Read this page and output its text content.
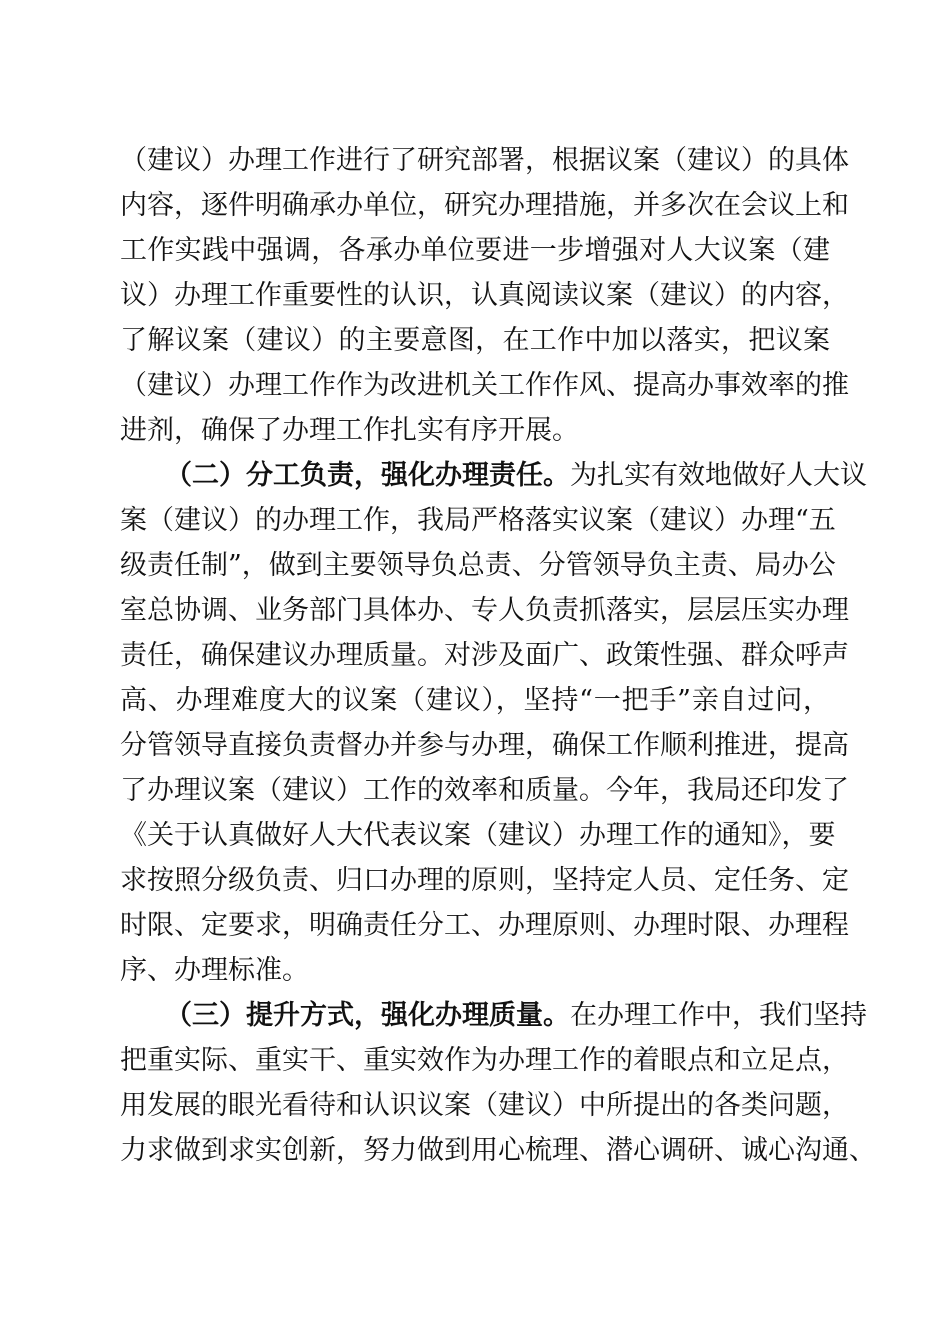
（建议）办理工作进行了研究部署，根据议案（建议）的具体
内容，逐件明确承办单位，研究办理措施，并多次在会议上和
工作实践中强调，各承办单位要进一步增强对人大议案（建
议）办理工作重要性的认识，认真阅读议案（建议）的内容，
了解议案（建议）的主要意图，在工作中加以落实，把议案
（建议）办理工作作为改进机关工作作风、提高办事效率的推
进剂，确保了办理工作扎实有序开展。
（二）分工负责，强化办理责任。为扎实有效地做好人大议
案（建议）的办理工作，我局严格落实议案（建议）办理“五
级责任制”，做到主要领导负总责、分管领导负主责、局办公
室总协调、业务部门具体办、专人负责抓落实，层层压实办理
责任，确保建议办理质量。对涉及面广、政策性强、群众呼声
高、办理难度大的议案（建议），坚持“一把手”亲自过问，
分管领导直接负责督办并参与办理，确保工作顺利推进，提高
了办理议案（建议）工作的效率和质量。今年，我局还印发了
《关于认真做好人大代表议案（建议）办理工作的通知》，要
求按照分级负责、归口办理的原则，坚持定人员、定任务、定
时限、定要求，明确责任分工、办理原则、办理时限、办理程
序、办理标准。
（三）提升方式，强化办理质量。在办理工作中，我们坚持
把重实际、重实干、重实效作为办理工作的着眼点和立足点，
用发展的眼光看待和认识议案（建议）中所提出的各类问题，
力求做到求实创新，努力做到用心梳理、潜心调研、诚心沟通、
